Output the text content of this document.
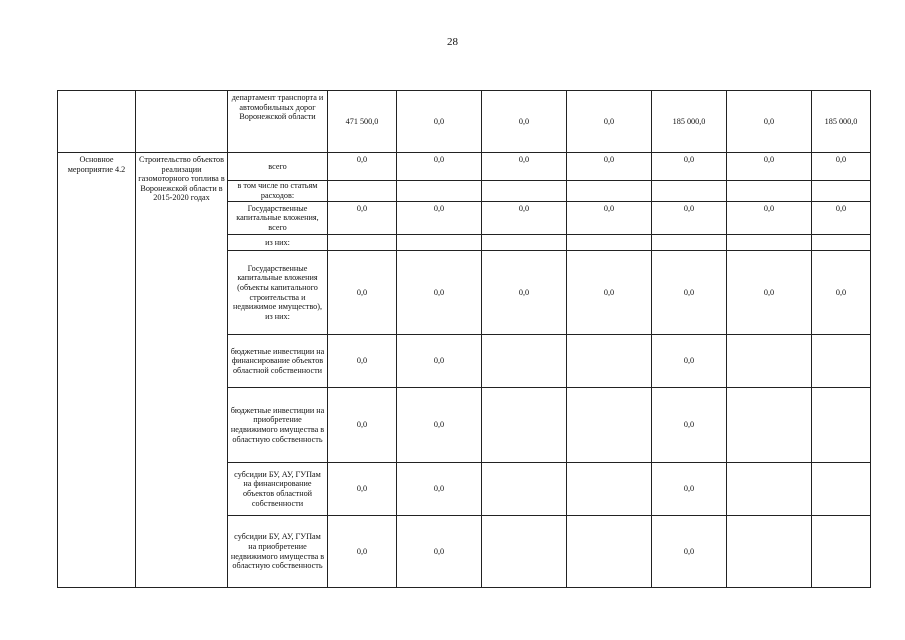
28
		департамент транспорта и автомобильных дорог Воронежской области	471 500,0	0,0	0,0	0,0	185 000,0	0,0	185 000,0
Основное мероприятие 4.2	Строительство объектов реализации газомоторного топлива в Воронежской области в 2015-2020 годах	всего	0,0	0,0	0,0	0,0	0,0	0,0	0,0
		в том числе по статьям расходов:							
		Государственные капитальные вложения, всего	0,0	0,0	0,0	0,0	0,0	0,0	0,0
		из них:							
		Государственные капитальные вложения (объекты капитального строительства и недвижимое имущество), из них:	0,0	0,0	0,0	0,0	0,0	0,0	0,0
		бюджетные инвестиции на финансирование объектов областной собственности	0,0	0,0			0,0		
		бюджетные инвестиции на приобретение недвижимого имущества в областную собственность	0,0	0,0			0,0		
		субсидии БУ, АУ, ГУПам на финансирование объектов областной собственности	0,0	0,0			0,0		
		субсидии БУ, АУ, ГУПам на приобретение недвижимого имущества в областную собственность	0,0	0,0			0,0		
